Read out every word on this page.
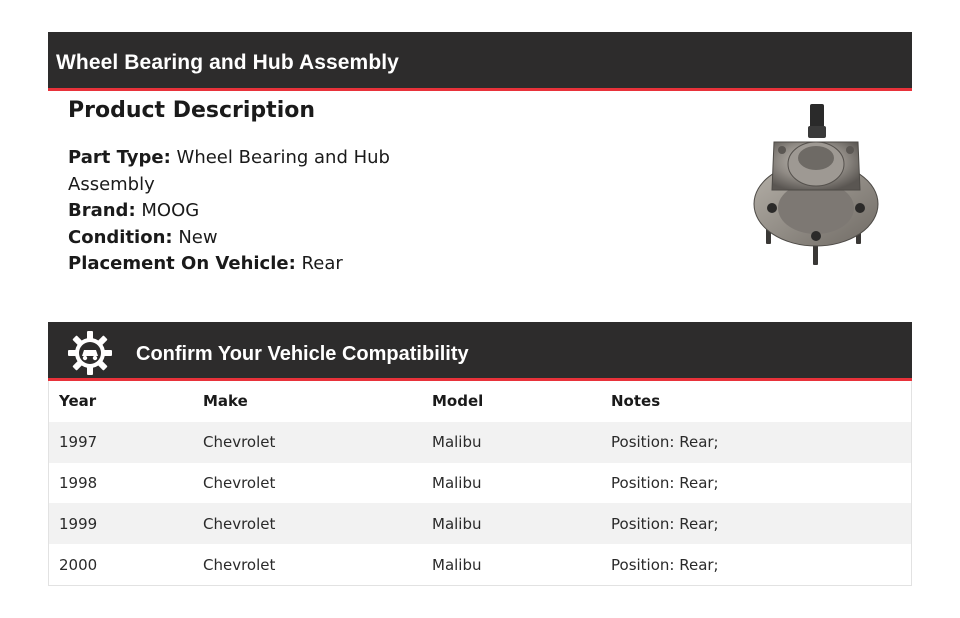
Wheel Bearing and Hub Assembly
Product Description
Part Type: Wheel Bearing and Hub Assembly
Brand: MOOG
Condition: New
Placement On Vehicle: Rear
Confirm Your Vehicle Compatibility
Year	Make	Model	Notes
1997	Chevrolet	Malibu	Position: Rear;
1998	Chevrolet	Malibu	Position: Rear;
1999	Chevrolet	Malibu	Position: Rear;
2000	Chevrolet	Malibu	Position: Rear;
